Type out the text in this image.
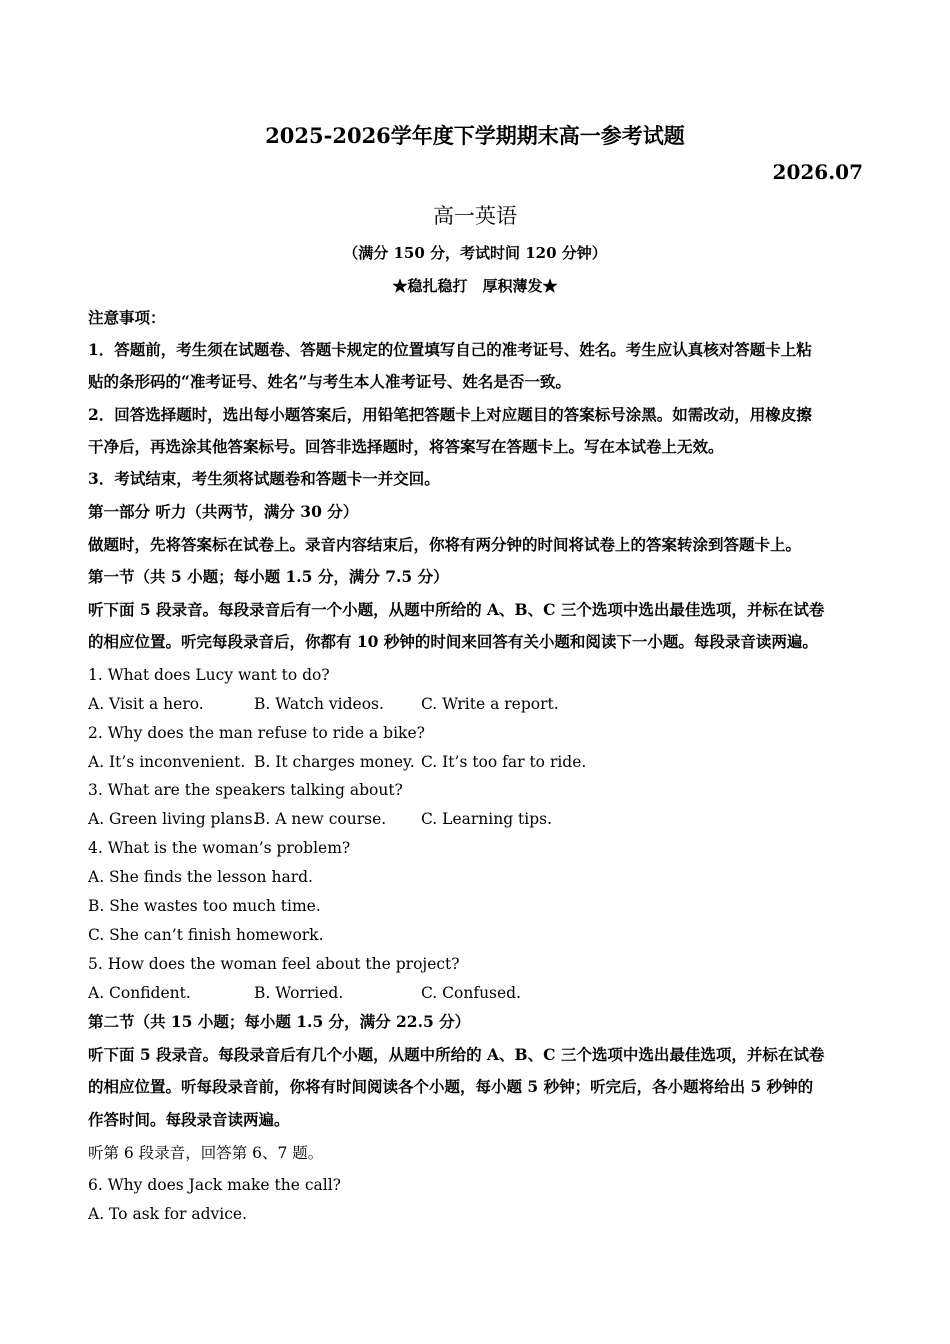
2025-2026学年度下学期期末高一参考试题
2026.07
高一英语
（满分 150 分，考试时间 120 分钟）
★稳扎稳打　厚积薄发★
注意事项：
1．答题前，考生须在试题卷、答题卡规定的位置填写自己的准考证号、姓名。考生应认真核对答题卡上粘
贴的条形码的“准考证号、姓名”与考生本人准考证号、姓名是否一致。
2．回答选择题时，选出每小题答案后，用铅笔把答题卡上对应题目的答案标号涂黑。如需改动，用橡皮擦
干净后，再选涂其他答案标号。回答非选择题时，将答案写在答题卡上。写在本试卷上无效。
3．考试结束，考生须将试题卷和答题卡一并交回。
第一部分 听力（共两节，满分 30 分）
做题时，先将答案标在试卷上。录音内容结束后，你将有两分钟的时间将试卷上的答案转涂到答题卡上。
第一节（共 5 小题；每小题 1.5 分，满分 7.5 分）
听下面 5 段录音。每段录音后有一个小题，从题中所给的 A、B、C 三个选项中选出最佳选项，并标在试卷
的相应位置。听完每段录音后，你都有 10 秒钟的时间来回答有关小题和阅读下一小题。每段录音读两遍。
1. What does Lucy want to do?
A. Visit a hero.	B. Watch videos. C. Write a report.
2. Why does the man refuse to ride a bike?
A. It’s inconvenient. B. It charges money. C. It’s too far to ride.
3. What are the speakers talking about?
A. Green living plans.
B. A new course. C. Learning tips.
4. What is the woman’s problem?
A. She finds the lesson hard.
B. She wastes too much time.
C. She can’t finish homework.
5. How does the woman feel about the project?
A. Confident.	B. Worried.	C. Confused.
第二节（共 15 小题；每小题 1.5 分，满分 22.5 分）
听下面 5 段录音。每段录音后有几个小题，从题中所给的 A、B、C 三个选项中选出最佳选项，并标在试卷
的相应位置。听每段录音前，你将有时间阅读各个小题，每小题 5 秒钟；听完后，各小题将给出 5 秒钟的
作答时间。每段录音读两遍。
听第 6 段录音，回答第 6、7 题。
6. Why does Jack make the call?
A. To ask for advice.
